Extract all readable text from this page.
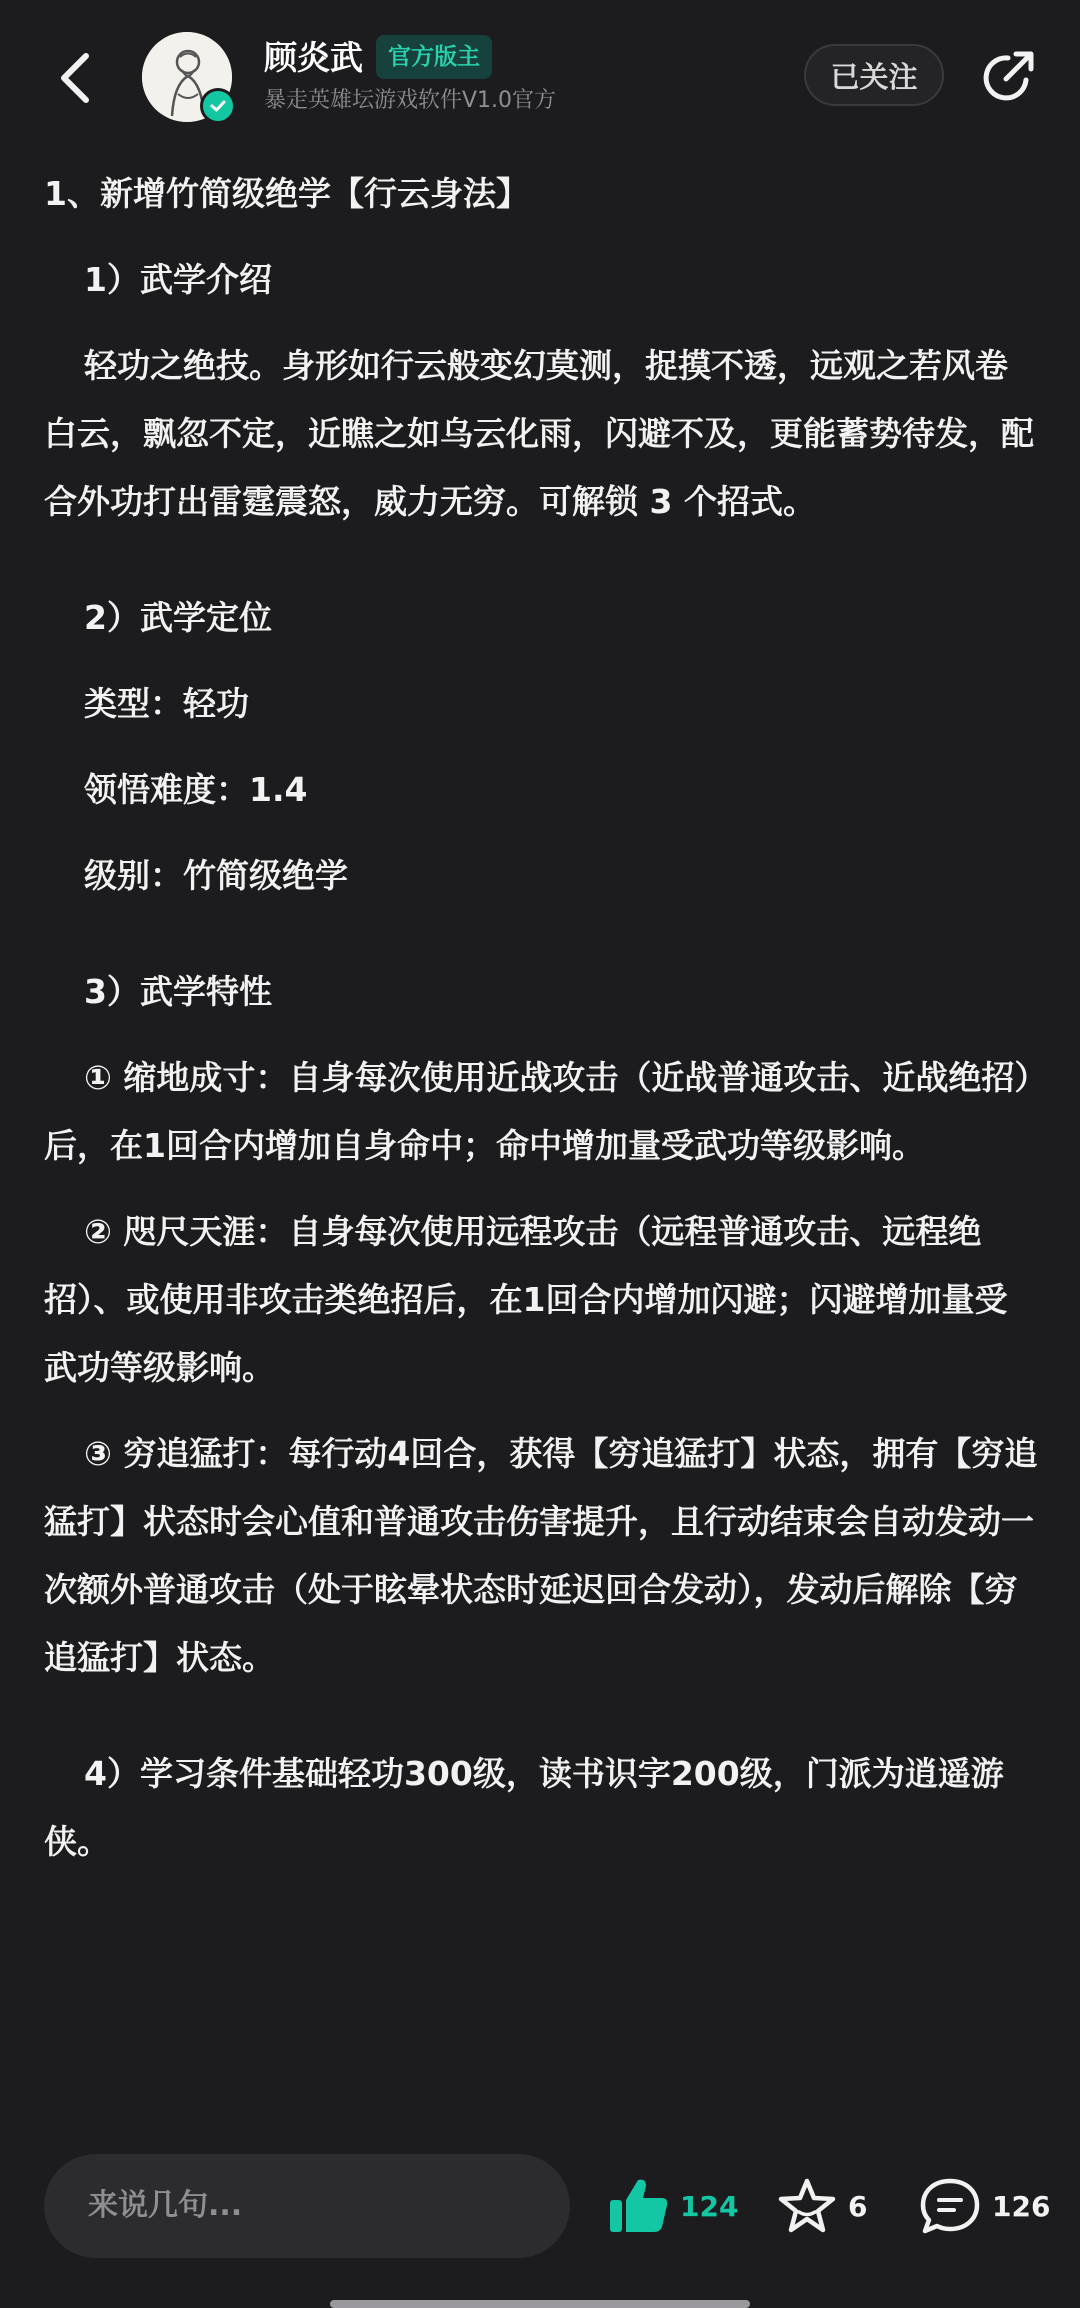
顾炎武	官方版主
暴走英雄坛游戏软件V1.0官方
已关注

1、新增竹简级绝学【行云身法】

1）武学介绍

轻功之绝技。身形如行云般变幻莫测，捉摸不透，远观之若风卷白云，飘忽不定，近瞧之如乌云化雨，闪避不及，更能蓄势待发，配合外功打出雷霆震怒，威力无穷。可解锁 3 个招式。

2）武学定位

类型：轻功

领悟难度：1.4

级别：竹简级绝学

3）武学特性

① 缩地成寸：自身每次使用近战攻击（近战普通攻击、近战绝招）后，在1回合内增加自身命中；命中增加量受武功等级影响。

② 咫尺天涯：自身每次使用远程攻击（远程普通攻击、远程绝招）、或使用非攻击类绝招后，在1回合内增加闪避；闪避增加量受武功等级影响。

③ 穷追猛打：每行动4回合，获得【穷追猛打】状态，拥有【穷追猛打】状态时会心值和普通攻击伤害提升，且行动结束会自动发动一次额外普通攻击（处于眩晕状态时延迟回合发动），发动后解除【穷追猛打】状态。

4）学习条件基础轻功300级，读书识字200级，门派为逍遥游侠。

来说几句...	124	6	126
